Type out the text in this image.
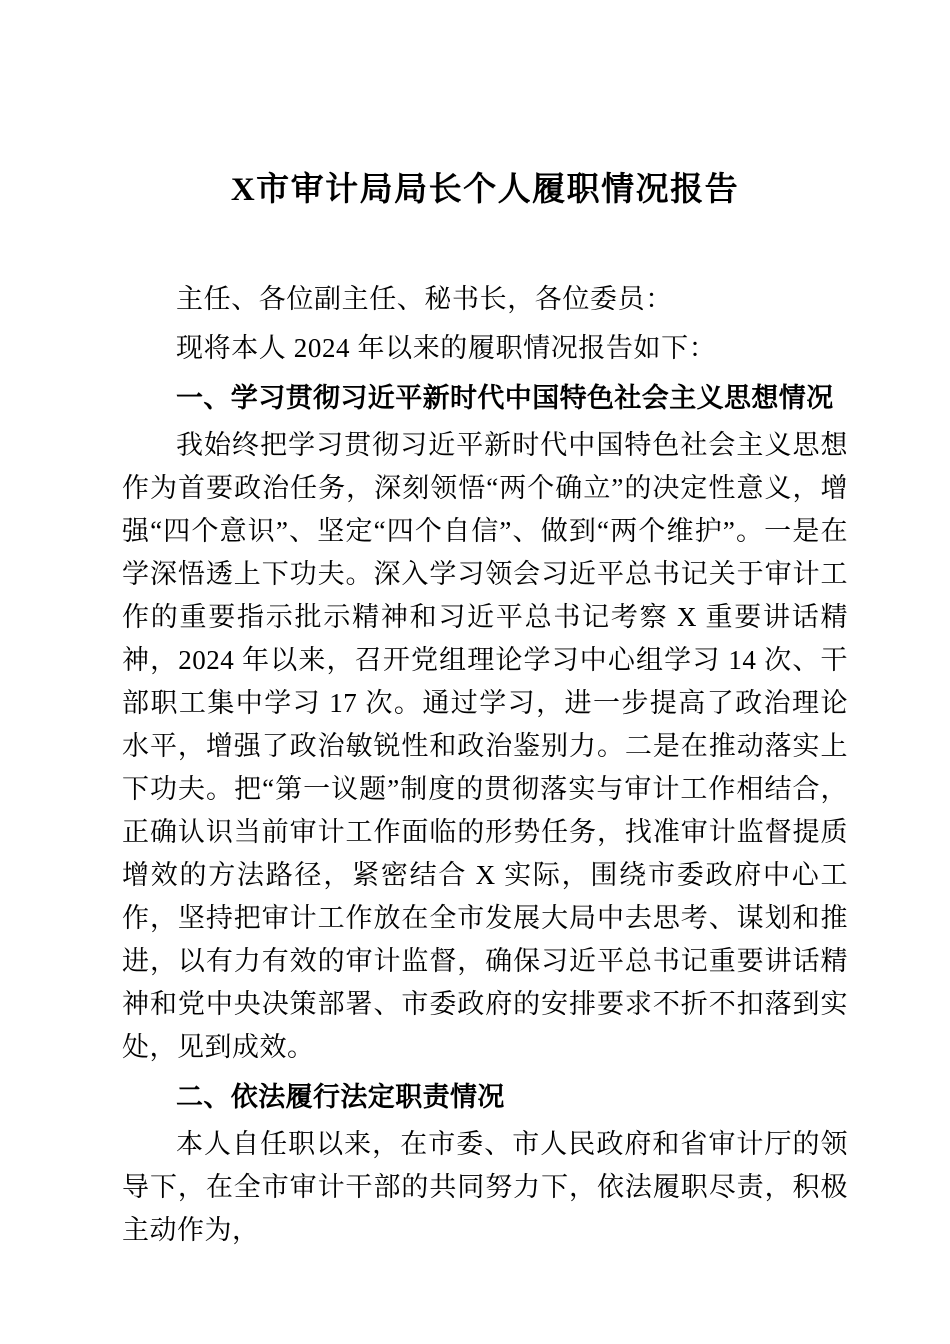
X市审计局局长个人履职情况报告

主任、各位副主任、秘书长，各位委员：

现将本人 2024 年以来的履职情况报告如下：

一、学习贯彻习近平新时代中国特色社会主义思想情况

我始终把学习贯彻习近平新时代中国特色社会主义思想作为首要政治任务，深刻领悟“两个确立”的决定性意义，增强“四个意识”、坚定“四个自信”、做到“两个维护”。一是在学深悟透上下功夫。深入学习领会习近平总书记关于审计工作的重要指示批示精神和习近平总书记考察 X 重要讲话精神，2024 年以来，召开党组理论学习中心组学习 14 次、干部职工集中学习 17 次。通过学习，进一步提高了政治理论水平，增强了政治敏锐性和政治鉴别力。二是在推动落实上下功夫。把“第一议题”制度的贯彻落实与审计工作相结合，正确认识当前审计工作面临的形势任务，找准审计监督提质增效的方法路径，紧密结合 X 实际，围绕市委政府中心工作，坚持把审计工作放在全市发展大局中去思考、谋划和推进，以有力有效的审计监督，确保习近平总书记重要讲话精神和党中央决策部署、市委政府的安排要求不折不扣落到实处，见到成效。

二、依法履行法定职责情况

本人自任职以来，在市委、市人民政府和省审计厅的领导下，在全市审计干部的共同努力下，依法履职尽责，积极主动作为，
